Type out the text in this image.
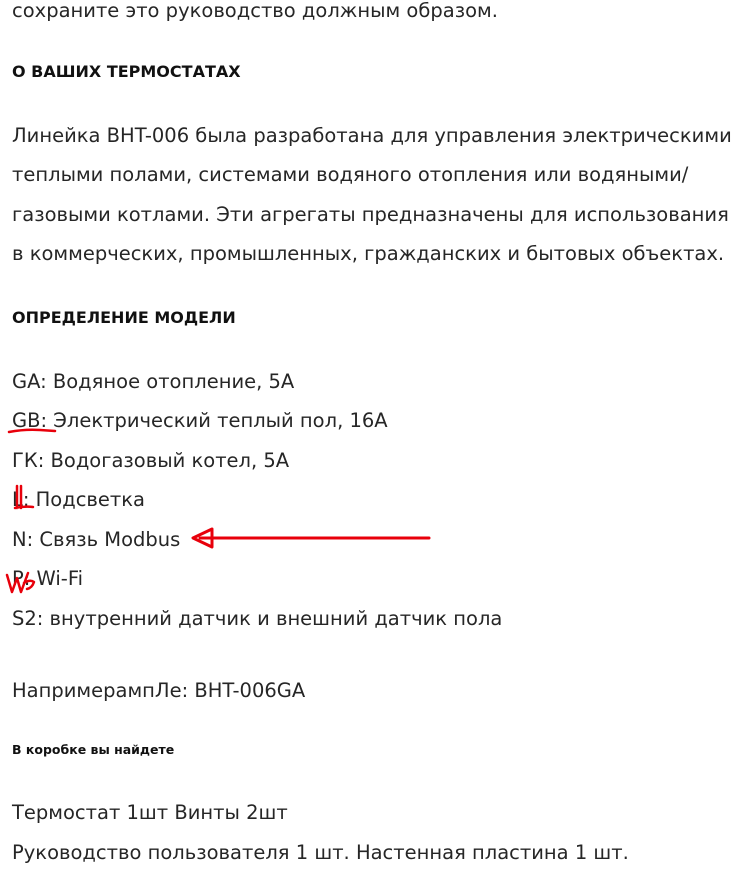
сохраните это руководство должным образом.
О ВАШИХ ТЕРМОСТАТАХ
Линейка BHT-006 была разработана для управления электрическими
теплыми полами, системами водяного отопления или водяными/
газовыми котлами. Эти агрегаты предназначены для использования
в коммерческих, промышленных, гражданских и бытовых объектах.
ОПРЕДЕЛЕНИЕ МОДЕЛИ
GA: Водяное отопление, 5A
GB: Электрический теплый пол, 16A
ГК: Водогазовый котел, 5A
L: Подсветка
N: Связь Modbus
P: Wi-Fi
S2: внутренний датчик и внешний датчик пола
НапримерампЛе: BHT-006GA
В коробке вы найдете
Термостат 1шт Винты 2шт
Руководство пользователя 1 шт. Настенная пластина 1 шт.
